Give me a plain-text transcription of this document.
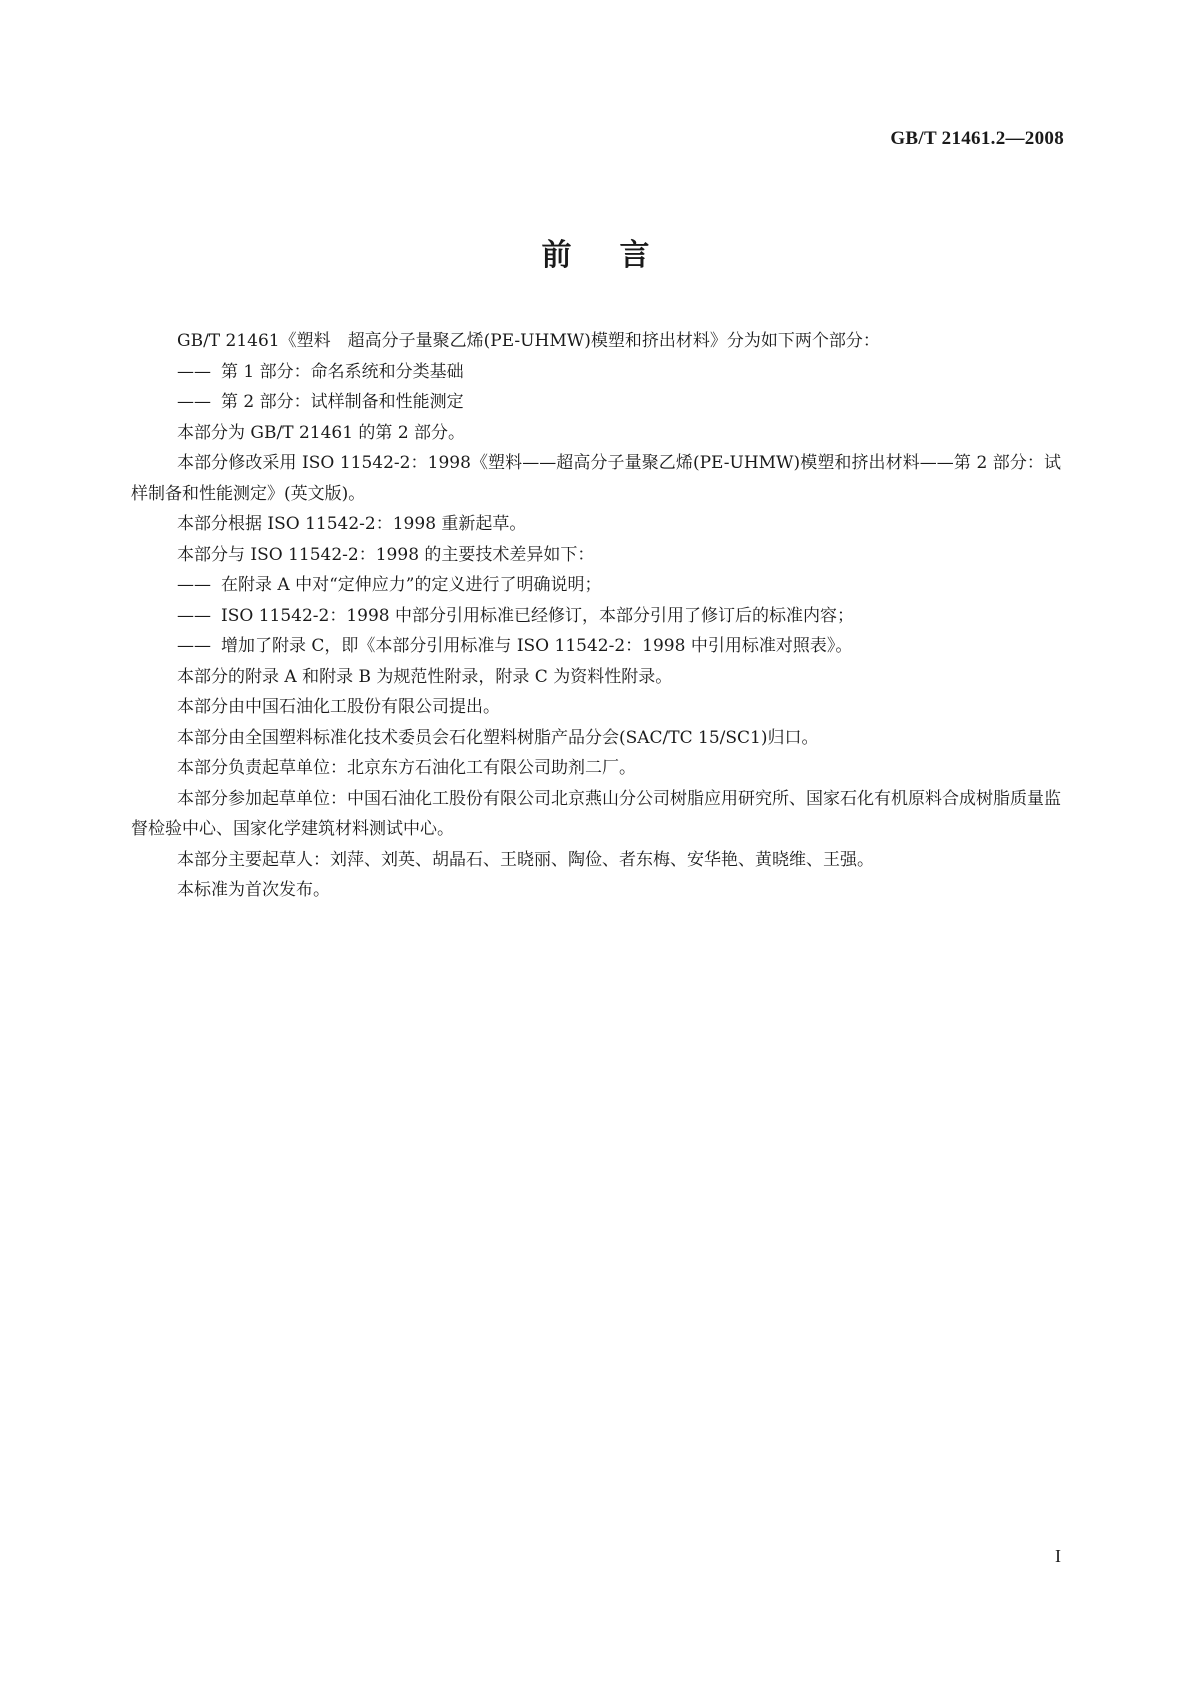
GB/T 21461.2—2008
前言

GB/T 21461《塑料　超高分子量聚乙烯(PE-UHMW)模塑和挤出材料》分为如下两个部分：

—— 第 1 部分：命名系统和分类基础

—— 第 2 部分：试样制备和性能测定

本部分为 GB/T 21461 的第 2 部分。

本部分修改采用 ISO 11542-2：1998《塑料——超高分子量聚乙烯(PE-UHMW)模塑和挤出材料——第 2 部分：试样制备和性能测定》(英文版)。

本部分根据 ISO 11542-2：1998 重新起草。

本部分与 ISO 11542-2：1998 的主要技术差异如下：

—— 在附录 A 中对“定伸应力”的定义进行了明确说明；

—— ISO 11542-2：1998 中部分引用标准已经修订，本部分引用了修订后的标准内容；

—— 增加了附录 C，即《本部分引用标准与 ISO 11542-2：1998 中引用标准对照表》。

本部分的附录 A 和附录 B 为规范性附录，附录 C 为资料性附录。

本部分由中国石油化工股份有限公司提出。

本部分由全国塑料标准化技术委员会石化塑料树脂产品分会(SAC/TC 15/SC1)归口。

本部分负责起草单位：北京东方石油化工有限公司助剂二厂。

本部分参加起草单位：中国石油化工股份有限公司北京燕山分公司树脂应用研究所、国家石化有机原料合成树脂质量监督检验中心、国家化学建筑材料测试中心。

本部分主要起草人：刘萍、刘英、胡晶石、王晓丽、陶俭、者东梅、安华艳、黄晓维、王强。

本标准为首次发布。

I
